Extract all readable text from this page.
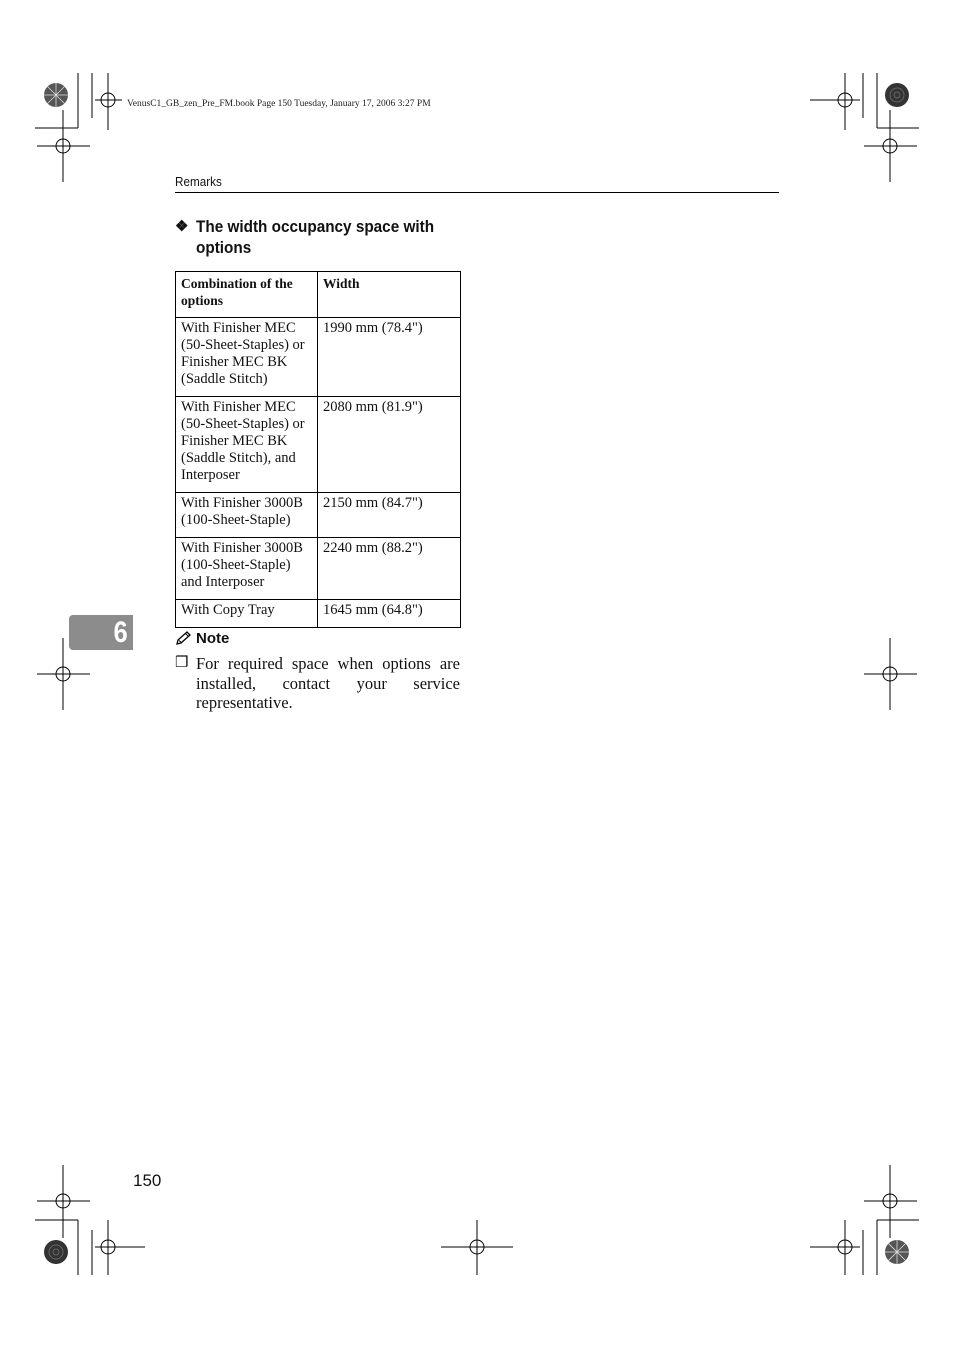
VenusC1_GB_zen_Pre_FM.book Page 150 Tuesday, January 17, 2006 3:27 PM
Remarks
❖ The width occupancy space with options
Combination of the options	Width
With Finisher MEC (50-Sheet-Staples) or Finisher MEC BK (Saddle Stitch)	1990 mm (78.4")
With Finisher MEC (50-Sheet-Staples) or Finisher MEC BK (Saddle Stitch), and Interposer	2080 mm (81.9")
With Finisher 3000B (100-Sheet-Staple)	2150 mm (84.7")
With Finisher 3000B (100-Sheet-Staple) and Interposer	2240 mm (88.2")
With Copy Tray	1645 mm (64.8")
6	Note
❒ For required space when options are installed, contact your service representative.
150
